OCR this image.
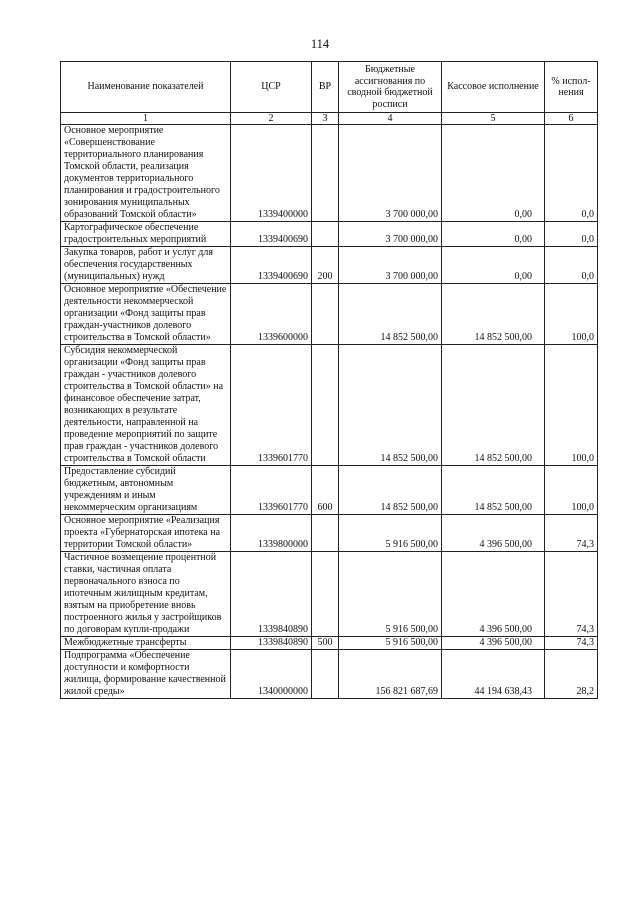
114
Наименование показателей	ЦСР	ВР	Бюджетные ассигнования по сводной бюджетной росписи	Кассовое исполнение	% испол-нения
1	2	3	4	5	6
Основное мероприятие «Совершенствование территориального планирования Томской области, реализация документов территориального планирования и градостроительного зонирования муниципальных образований Томской области»	1339400000		3 700 000,00	0,00	0,0
Картографическое обеспечение градостроительных мероприятий	1339400690		3 700 000,00	0,00	0,0
Закупка товаров, работ и услуг для обеспечения государственных (муниципальных) нужд	1339400690	200	3 700 000,00	0,00	0,0
Основное мероприятие «Обеспечение деятельности некоммерческой организации «Фонд защиты прав граждан-участников долевого строительства в Томской области»	1339600000		14 852 500,00	14 852 500,00	100,0
Субсидия некоммерческой организации «Фонд защиты прав граждан - участников долевого строительства в Томской области» на финансовое обеспечение затрат, возникающих в результате деятельности, направленной на проведение мероприятий по защите прав граждан - участников долевого строительства в Томской области	1339601770		14 852 500,00	14 852 500,00	100,0
Предоставление субсидий бюджетным, автономным учреждениям и иным некоммерческим организациям	1339601770	600	14 852 500,00	14 852 500,00	100,0
Основное мероприятие «Реализация проекта «Губернаторская ипотека на территории Томской области»	1339800000		5 916 500,00	4 396 500,00	74,3
Частичное возмещение процентной ставки, частичная оплата первоначального взноса по ипотечным жилищным кредитам, взятым на приобретение вновь построенного жилья у застройщиков по договорам купли-продажи	1339840890		5 916 500,00	4 396 500,00	74,3
Межбюджетные трансферты	1339840890	500	5 916 500,00	4 396 500,00	74,3
Подпрограмма «Обеспечение доступности и комфортности жилища, формирование качественной жилой среды»	1340000000		156 821 687,69	44 194 638,43	28,2
